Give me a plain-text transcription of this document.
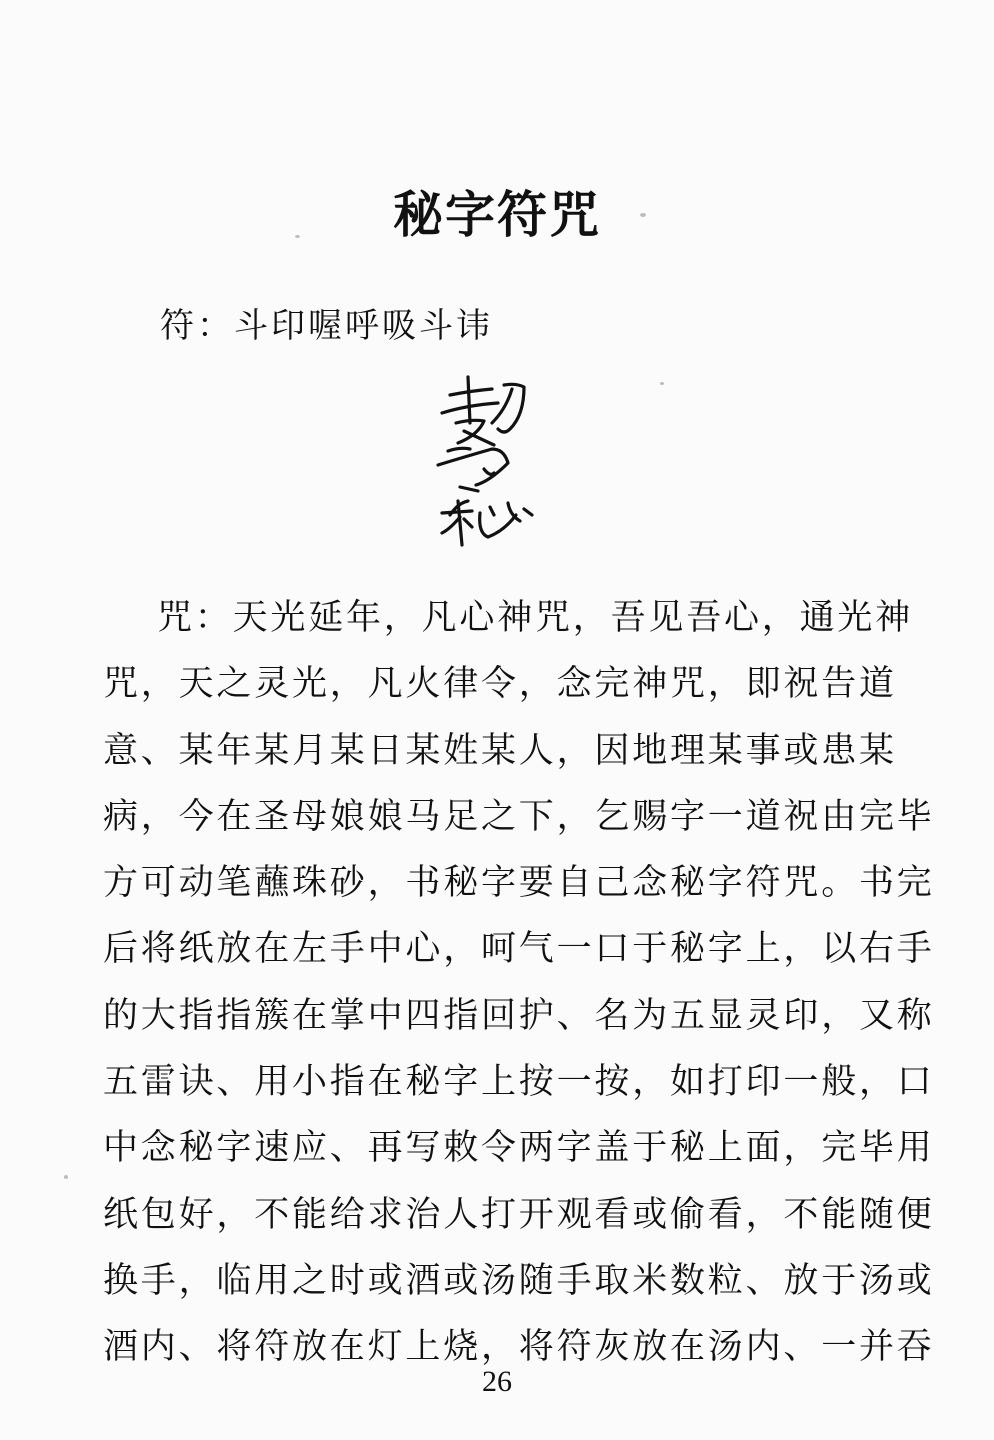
秘字符咒
符：斗印喔呼吸斗讳
咒：天光延年，凡心神咒，吾见吾心，通光神
咒，天之灵光，凡火律令，念完神咒，即祝告道
意、某年某月某日某姓某人，因地理某事或患某
病，今在圣母娘娘马足之下，乞赐字一道祝由完毕
方可动笔蘸珠砂，书秘字要自己念秘字符咒。书完
后将纸放在左手中心，呵气一口于秘字上，以右手
的大指指簇在掌中四指回护、名为五显灵印，又称
五雷诀、用小指在秘字上按一按，如打印一般，口
中念秘字速应、再写敕令两字盖于秘上面，完毕用
纸包好，不能给求治人打开观看或偷看，不能随便
换手，临用之时或酒或汤随手取米数粒、放于汤或
酒内、将符放在灯上烧，将符灰放在汤内、一并吞
26
